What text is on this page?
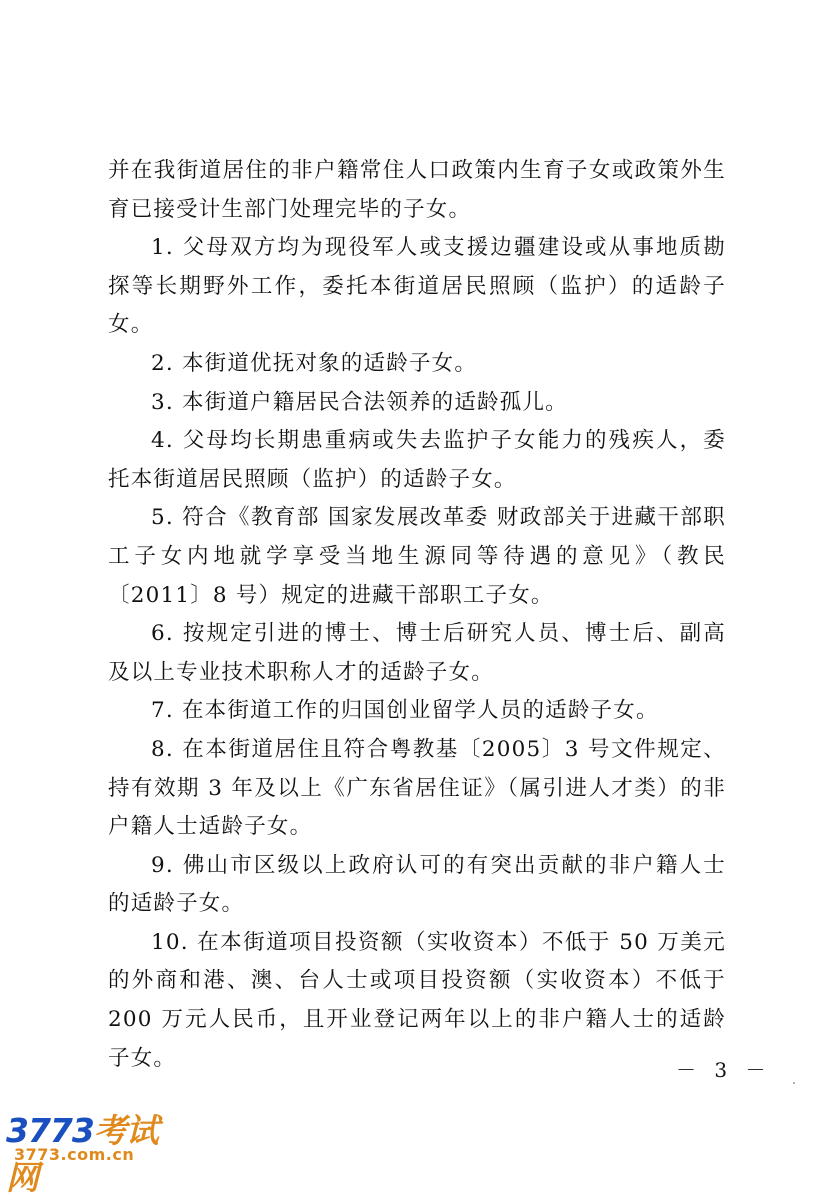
并在我街道居住的非户籍常住人口政策内生育子女或政策外生育已接受计生部门处理完毕的子女。

1. 父母双方均为现役军人或支援边疆建设或从事地质勘探等长期野外工作，委托本街道居民照顾（监护）的适龄子女。

2. 本街道优抚对象的适龄子女。

3. 本街道户籍居民合法领养的适龄孤儿。

4. 父母均长期患重病或失去监护子女能力的残疾人，委托本街道居民照顾（监护）的适龄子女。

5. 符合《教育部 国家发展改革委 财政部关于进藏干部职工子女内地就学享受当地生源同等待遇的意见》（教民〔2011〕8 号）规定的进藏干部职工子女。

6. 按规定引进的博士、博士后研究人员、博士后、副高及以上专业技术职称人才的适龄子女。

7. 在本街道工作的归国创业留学人员的适龄子女。

8. 在本街道居住且符合粤教基〔2005〕3 号文件规定、持有效期 3 年及以上《广东省居住证》（属引进人才类）的非户籍人士适龄子女。

9. 佛山市区级以上政府认可的有突出贡献的非户籍人士的适龄子女。

10. 在本街道项目投资额（实收资本）不低于 50 万美元的外商和港、澳、台人士或项目投资额（实收资本）不低于 200 万元人民币，且开业登记两年以上的非户籍人士的适龄子女。	－ 3 －
3773考试网
3773.com.cn
